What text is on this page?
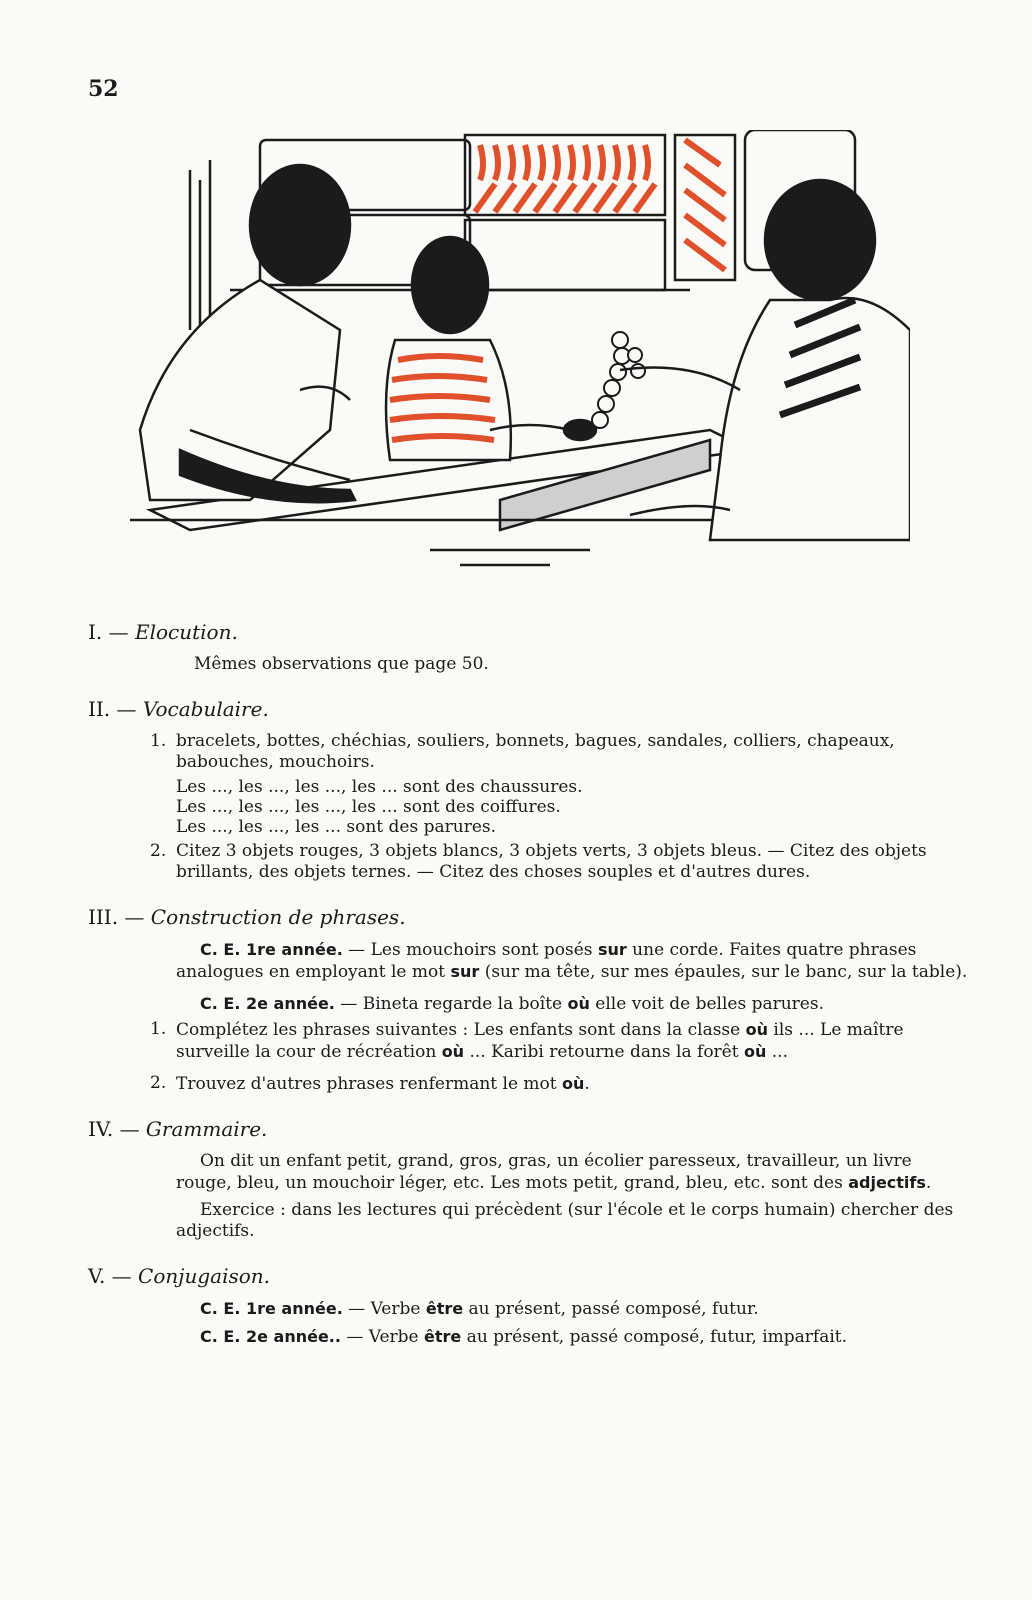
52
I. — Elocution.

Mêmes observations que page 50.

II. — Vocabulaire.
1. bracelets, bottes, chéchias, souliers, bonnets, bagues, sandales, colliers, chapeaux, babouches, mouchoirs.
Les ..., les ..., les ..., les ... sont des chaussures.
Les ..., les ..., les ..., les ... sont des coiffures.
Les ..., les ..., les ... sont des parures.
2. Citez 3 objets rouges, 3 objets blancs, 3 objets verts, 3 objets bleus. — Citez des objets brillants, des objets ternes. — Citez des choses souples et d'autres dures.
III. — Construction de phrases.

C. E. 1re année. — Les mouchoirs sont posés sur une corde. Faites quatre phrases analogues en employant le mot sur (sur ma tête, sur mes épaules, sur le banc, sur la table).

C. E. 2e année. — Bineta regarde la boîte où elle voit de belles parures.

1. Complétez les phrases suivantes : Les enfants sont dans la classe où ils ... Le maître surveille la cour de récréation où ... Karibi retourne dans la forêt où ...
2. Trouvez d'autres phrases renfermant le mot où.
IV. — Grammaire.

On dit un enfant petit, grand, gros, gras, un écolier paresseux, travailleur, un livre rouge, bleu, un mouchoir léger, etc. Les mots petit, grand, bleu, etc. sont des adjectifs.

Exercice : dans les lectures qui précèdent (sur l'école et le corps humain) chercher des adjectifs.

V. — Conjugaison.

C. E. 1re année. — Verbe être au présent, passé composé, futur.

C. E. 2e année.. — Verbe être au présent, passé composé, futur, imparfait.
